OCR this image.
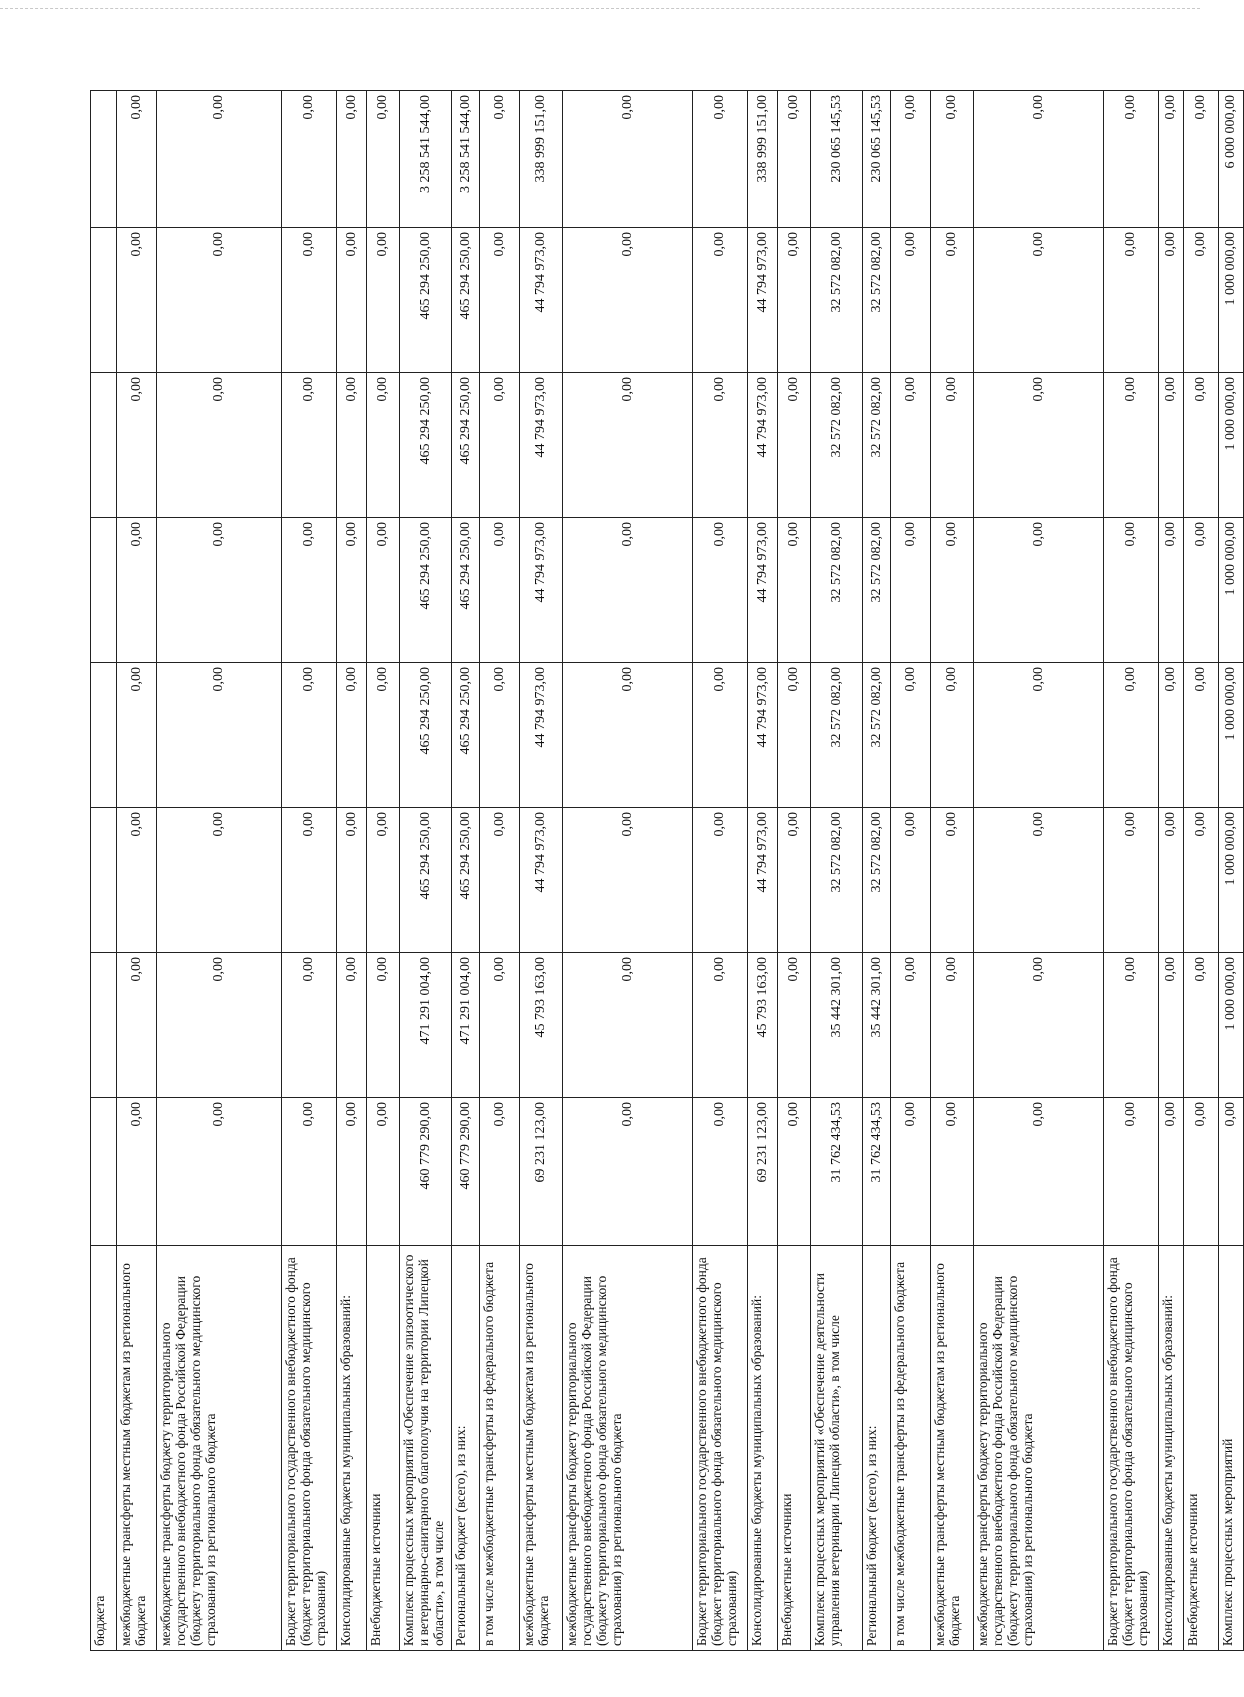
бюджета								
межбюджетные трансферты местным бюджетам из регионального бюджета	0,00	0,00	0,00	0,00	0,00	0,00	0,00	0,00
межбюджетные трансферты бюджету территориального государственного внебюджетного фонда Российской Федерации (бюджету территориального фонда обязательного медицинского страхования) из регионального бюджета	0,00	0,00	0,00	0,00	0,00	0,00	0,00	0,00
Бюджет территориального государственного внебюджетного фонда (бюджет территориального фонда обязательного медицинского страхования)	0,00	0,00	0,00	0,00	0,00	0,00	0,00	0,00
Консолидированные бюджеты муниципальных образований:	0,00	0,00	0,00	0,00	0,00	0,00	0,00	0,00
Внебюджетные источники	0,00	0,00	0,00	0,00	0,00	0,00	0,00	0,00
Комплекс процессных мероприятий «Обеспечение эпизоотического и ветеринарно-санитарного благополучия на территории Липецкой области», в том числе	460 779 290,00	471 291 004,00	465 294 250,00	465 294 250,00	465 294 250,00	465 294 250,00	465 294 250,00	3 258 541 544,00
Региональный бюджет (всего), из них:	460 779 290,00	471 291 004,00	465 294 250,00	465 294 250,00	465 294 250,00	465 294 250,00	465 294 250,00	3 258 541 544,00
в том числе межбюджетные трансферты из федерального бюджета	0,00	0,00	0,00	0,00	0,00	0,00	0,00	0,00
межбюджетные трансферты местным бюджетам из регионального бюджета	69 231 123,00	45 793 163,00	44 794 973,00	44 794 973,00	44 794 973,00	44 794 973,00	44 794 973,00	338 999 151,00
межбюджетные трансферты бюджету территориального государственного внебюджетного фонда Российской Федерации (бюджету территориального фонда обязательного медицинского страхования) из регионального бюджета	0,00	0,00	0,00	0,00	0,00	0,00	0,00	0,00
Бюджет территориального государственного внебюджетного фонда (бюджет территориального фонда обязательного медицинского страхования)	0,00	0,00	0,00	0,00	0,00	0,00	0,00	0,00
Консолидированные бюджеты муниципальных образований:	69 231 123,00	45 793 163,00	44 794 973,00	44 794 973,00	44 794 973,00	44 794 973,00	44 794 973,00	338 999 151,00
Внебюджетные источники	0,00	0,00	0,00	0,00	0,00	0,00	0,00	0,00
Комплекс процессных мероприятий «Обеспечение деятельности управления ветеринарии Липецкой области», в том числе	31 762 434,53	35 442 301,00	32 572 082,00	32 572 082,00	32 572 082,00	32 572 082,00	32 572 082,00	230 065 145,53
Региональный бюджет (всего), из них:	31 762 434,53	35 442 301,00	32 572 082,00	32 572 082,00	32 572 082,00	32 572 082,00	32 572 082,00	230 065 145,53
в том числе межбюджетные трансферты из федерального бюджета	0,00	0,00	0,00	0,00	0,00	0,00	0,00	0,00
межбюджетные трансферты местным бюджетам из регионального бюджета	0,00	0,00	0,00	0,00	0,00	0,00	0,00	0,00
межбюджетные трансферты бюджету территориального государственного внебюджетного фонда Российской Федерации (бюджету территориального фонда обязательного медицинского страхования) из регионального бюджета	0,00	0,00	0,00	0,00	0,00	0,00	0,00	0,00
Бюджет территориального государственного внебюджетного фонда (бюджет территориального фонда обязательного медицинского страхования)	0,00	0,00	0,00	0,00	0,00	0,00	0,00	0,00
Консолидированные бюджеты муниципальных образований:	0,00	0,00	0,00	0,00	0,00	0,00	0,00	0,00
Внебюджетные источники	0,00	0,00	0,00	0,00	0,00	0,00	0,00	0,00
Комплекс процессных мероприятий	0,00	1 000 000,00	1 000 000,00	1 000 000,00	1 000 000,00	1 000 000,00	1 000 000,00	6 000 000,00
